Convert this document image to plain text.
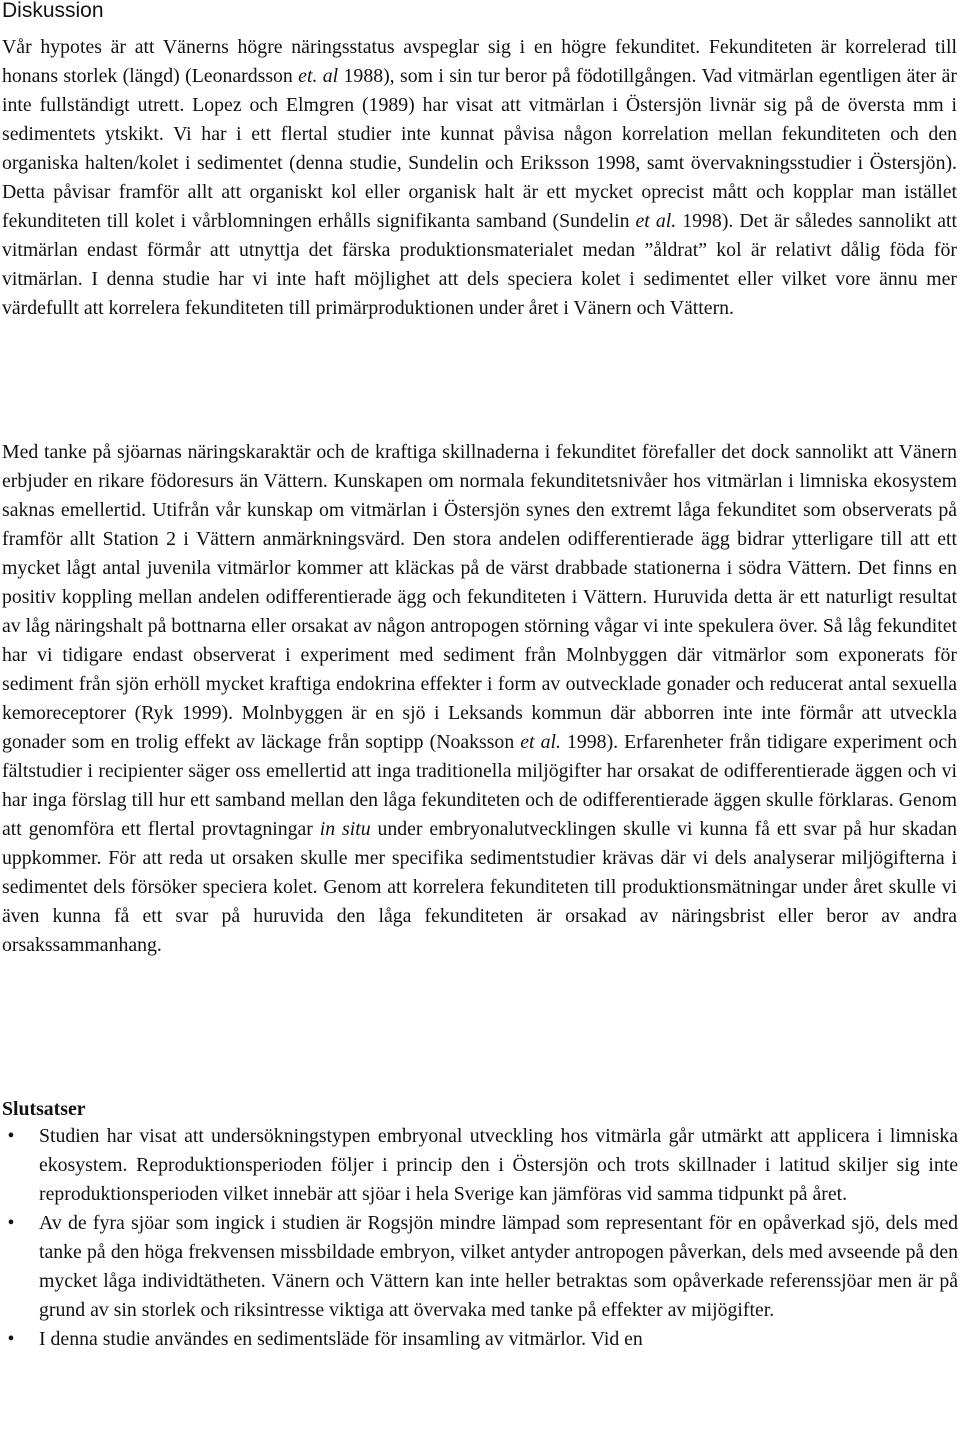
Diskussion

Vår hypotes är att Vänerns högre näringsstatus avspeglar sig i en högre fekunditet. Fekunditeten är korrelerad till honans storlek (längd) (Leonardsson et. al 1988), som i sin tur beror på födotillgången. Vad vitmärlan egentligen äter är inte fullständigt utrett. Lopez och Elmgren (1989) har visat att vitmärlan i Östersjön livnär sig på de översta mm i sedimentets ytskikt. Vi har i ett flertal studier inte kunnat påvisa någon korrelation mellan fekunditeten och den organiska halten/kolet i sedimentet (denna studie, Sundelin och Eriksson 1998, samt övervakningsstudier i Östersjön). Detta påvisar framför allt att organiskt kol eller organisk halt är ett mycket oprecist mått och kopplar man istället fekunditeten till kolet i vårblomningen erhålls signifikanta samband (Sundelin et al. 1998). Det är således sannolikt att vitmärlan endast förmår att utnyttja det färska produktionsmaterialet medan ”åldrat” kol är relativt dålig föda för vitmärlan. I denna studie har vi inte haft möjlighet att dels speciera kolet i sedimentet eller vilket vore ännu mer värdefullt att korrelera fekunditeten till primärproduktionen under året i Vänern och Vättern.

Med tanke på sjöarnas näringskaraktär och de kraftiga skillnaderna i fekunditet förefaller det dock sannolikt att Vänern erbjuder en rikare födoresurs än Vättern. Kunskapen om normala fekunditetsnivåer hos vitmärlan i limniska ekosystem saknas emellertid. Utifrån vår kunskap om vitmärlan i Östersjön synes den extremt låga fekunditet som observerats på framför allt Station 2 i Vättern anmärkningsvärd. Den stora andelen odifferentierade ägg bidrar ytterligare till att ett mycket lågt antal juvenila vitmärlor kommer att kläckas på de värst drabbade stationerna i södra Vättern. Det finns en positiv koppling mellan andelen odifferentierade ägg och fekunditeten i Vättern. Huruvida detta är ett naturligt resultat av låg näringshalt på bottnarna eller orsakat av någon antropogen störning vågar vi inte spekulera över. Så låg fekunditet har vi tidigare endast observerat i experiment med sediment från Molnbyggen där vitmärlor som exponerats för sediment från sjön erhöll mycket kraftiga endokrina effekter i form av outvecklade gonader och reducerat antal sexuella kemoreceptorer (Ryk 1999). Molnbyggen är en sjö i Leksands kommun där abborren inte inte förmår att utveckla gonader som en trolig effekt av läckage från soptipp (Noaksson et al. 1998). Erfarenheter från tidigare experiment och fältstudier i recipienter säger oss emellertid att inga traditionella miljögifter har orsakat de odifferentierade äggen och vi har inga förslag till hur ett samband mellan den låga fekunditeten och de odifferentierade äggen skulle förklaras. Genom att genomföra ett flertal provtagningar in situ under embryonalutvecklingen skulle vi kunna få ett svar på hur skadan uppkommer. För att reda ut orsaken skulle mer specifika sedimentstudier krävas där vi dels analyserar miljögifterna i sedimentet dels försöker speciera kolet. Genom att korrelera fekunditeten till produktionsmätningar under året skulle vi även kunna få ett svar på huruvida den låga fekunditeten är orsakad av näringsbrist eller beror av andra orsakssammanhang.

Slutsatser
• Studien har visat att undersökningstypen embryonal utveckling hos vitmärla går utmärkt att applicera i limniska ekosystem. Reproduktionsperioden följer i princip den i Östersjön och trots skillnader i latitud skiljer sig inte reproduktionsperioden vilket innebär att sjöar i hela Sverige kan jämföras vid samma tidpunkt på året.
• Av de fyra sjöar som ingick i studien är Rogsjön mindre lämpad som representant för en opåverkad sjö, dels med tanke på den höga frekvensen missbildade embryon, vilket antyder antropogen påverkan, dels med avseende på den mycket låga individtätheten. Vänern och Vättern kan inte heller betraktas som opåverkade referenssjöar men är på grund av sin storlek och riksintresse viktiga att övervaka med tanke på effekter av mijögifter.
• I denna studie användes en sedimentsläde för insamling av vitmärlor. Vid en
